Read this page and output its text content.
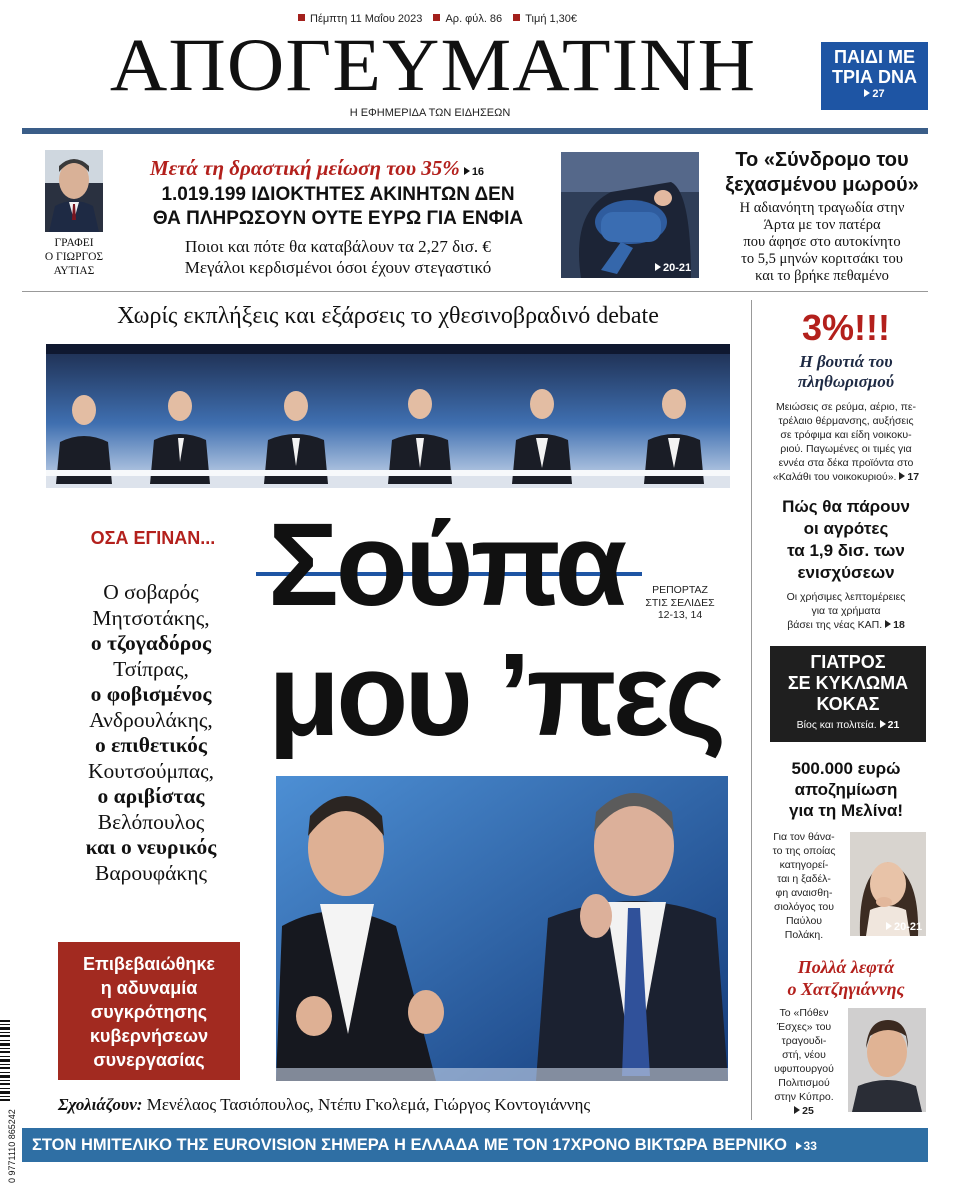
Πέμπτη 11 Μαΐου 2023 Αρ. φύλ. 86 Τιμή 1,30€
ΑΠΟΓΕΥΜΑΤΙΝΗ
Η ΕΦΗΜΕΡΙΔΑ ΤΩΝ ΕΙΔΗΣΕΩΝ
ΠΑΙΔΙ ΜΕ
ΤΡΙΑ DNA
27
ΓΡΑΦΕΙ
Ο ΓΙΩΡΓΟΣ
ΑΥΤΙΑΣ
Μετά τη δραστική μείωση του 35% 16
1.019.199 ΙΔΙΟΚΤΗΤΕΣ ΑΚΙΝΗΤΩΝ ΔΕΝ
ΘΑ ΠΛΗΡΩΣΟΥΝ ΟΥΤΕ ΕΥΡΩ ΓΙΑ ΕΝΦΙΑ
Ποιοι και πότε θα καταβάλουν τα 2,27 δισ. €
Μεγάλοι κερδισμένοι όσοι έχουν στεγαστικό	20-21
Το «Σύνδρομο του
ξεχασμένου μωρού»
Η αδιανόητη τραγωδία στην
Άρτα με τον πατέρα
που άφησε στο αυτοκίνητο
το 5,5 μηνών κοριτσάκι του
και το βρήκε πεθαμένο
Χωρίς εκπλήξεις και εξάρσεις το χθεσινοβραδινό debate
ΟΣΑ ΕΓΙΝΑΝ...
Ο σοβαρός
Μητσοτάκης,
ο τζογαδόρος
Τσίπρας,
ο φοβισμένος
Ανδρουλάκης,
ο επιθετικός
Κουτσούμπας,
ο αριβίστας
Βελόπουλος
και ο νευρικός
Βαρουφάκης
Σούπα
μου ’πες
ΡΕΠΟΡΤΑΖ
ΣΤΙΣ ΣΕΛΙΔΕΣ
12-13, 14
Επιβεβαιώθηκε
η αδυναμία
συγκρότησης
κυβερνήσεων
συνεργασίας
Σχολιάζουν: Μενέλαος Τασιόπουλος, Ντέπυ Γκολεμά, Γιώργος Κοντογιάννης
0 9771110 865242
3%!!!
Η βουτιά του
πληθωρισμού
Μειώσεις σε ρεύμα, αέριο, πε-
τρέλαιο θέρμανσης, αυξήσεις
σε τρόφιμα και είδη νοικοκυ-
ριού. Παγωμένες οι τιμές για
εννέα στα δέκα προϊόντα στο
«Καλάθι του νοικοκυριού». 17
Πώς θα πάρουν
οι αγρότες
τα 1,9 δισ. των
ενισχύσεων
Οι χρήσιμες λεπτομέρειες
για τα χρήματα
βάσει της νέας ΚΑΠ. 18
ΓΙΑΤΡΟΣ
ΣΕ ΚΥΚΛΩΜΑ
ΚΟΚΑΣ
Βίος και πολιτεία. 21
500.000 ευρώ
αποζημίωση
για τη Μελίνα!
Για τον θάνα-
το της οποίας
κατηγορεί-
ται η ξαδέλ-
φη αναισθη-
σιολόγος του
Παύλου
Πολάκη.
20-21
Πολλά λεφτά
ο Χατζηγιάννης
Το «Πόθεν
Έσχες» του
τραγουδι-
στή, νέου
υφυπουργού
Πολιτισμού
στην Κύπρο.
25
ΣΤΟΝ ΗΜΙΤΕΛΙΚΟ ΤΗΣ EUROVISION ΣΗΜΕΡΑ Η ΕΛΛΑΔΑ ΜΕ ΤΟΝ 17ΧΡΟΝΟ ΒΙΚΤΩΡΑ ΒΕΡΝΙΚΟ 33
